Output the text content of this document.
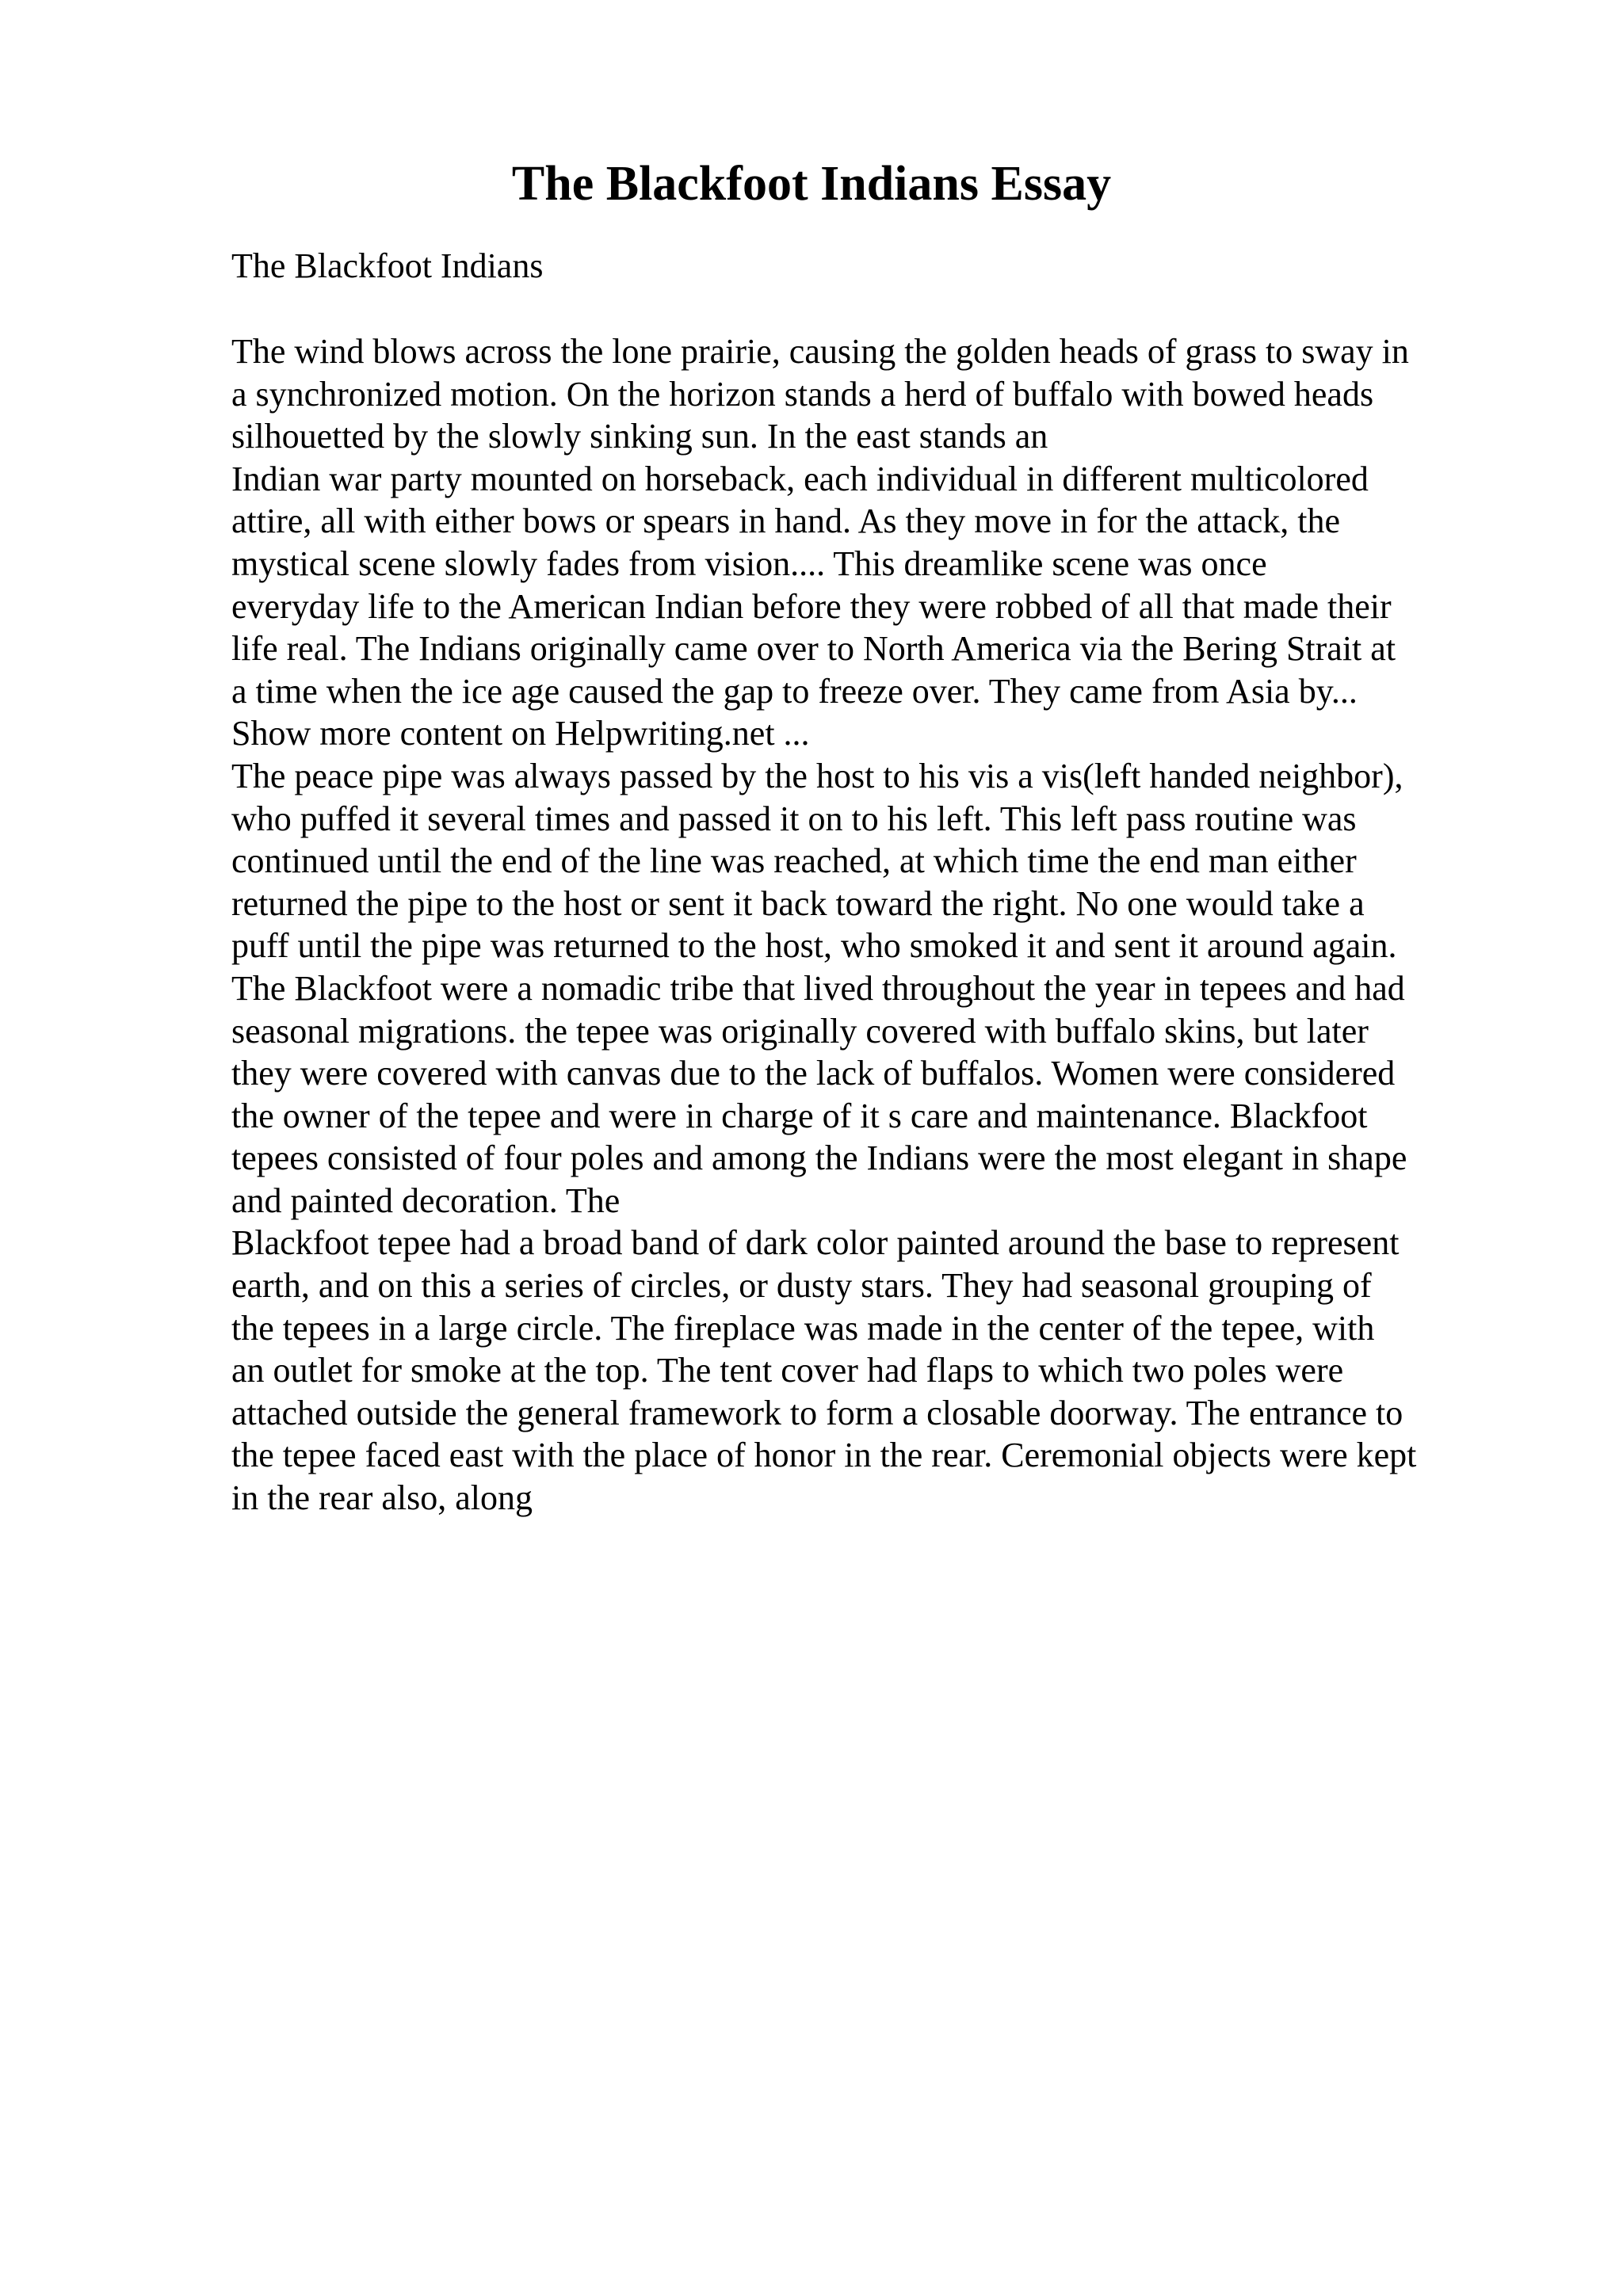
The Blackfoot Indians Essay

The Blackfoot Indians

The wind blows across the lone prairie, causing the golden heads of grass to sway in

a synchronized motion. On the horizon stands a herd of buffalo with bowed heads

silhouetted by the slowly sinking sun. In the east stands an

Indian war party mounted on horseback, each individual in different multicolored

attire, all with either bows or spears in hand. As they move in for the attack, the

mystical scene slowly fades from vision.... This dreamlike scene was once

everyday life to the American Indian before they were robbed of all that made their

life real. The Indians originally came over to North America via the Bering Strait at

a time when the ice age caused the gap to freeze over. They came from Asia by...

Show more content on Helpwriting.net ...

The peace pipe was always passed by the host to his vis a vis(left handed neighbor),

who puffed it several times and passed it on to his left. This left pass routine was

continued until the end of the line was reached, at which time the end man either

returned the pipe to the host or sent it back toward the right. No one would take a

puff until the pipe was returned to the host, who smoked it and sent it around again.

The Blackfoot were a nomadic tribe that lived throughout the year in tepees and had

seasonal migrations. the tepee was originally covered with buffalo skins, but later

they were covered with canvas due to the lack of buffalos. Women were considered

the owner of the tepee and were in charge of it s care and maintenance. Blackfoot

tepees consisted of four poles and among the Indians were the most elegant in shape

and painted decoration. The

Blackfoot tepee had a broad band of dark color painted around the base to represent

earth, and on this a series of circles, or dusty stars. They had seasonal grouping of

the tepees in a large circle. The fireplace was made in the center of the tepee, with

an outlet for smoke at the top. The tent cover had flaps to which two poles were

attached outside the general framework to form a closable doorway. The entrance to

the tepee faced east with the place of honor in the rear. Ceremonial objects were kept

in the rear also, along
